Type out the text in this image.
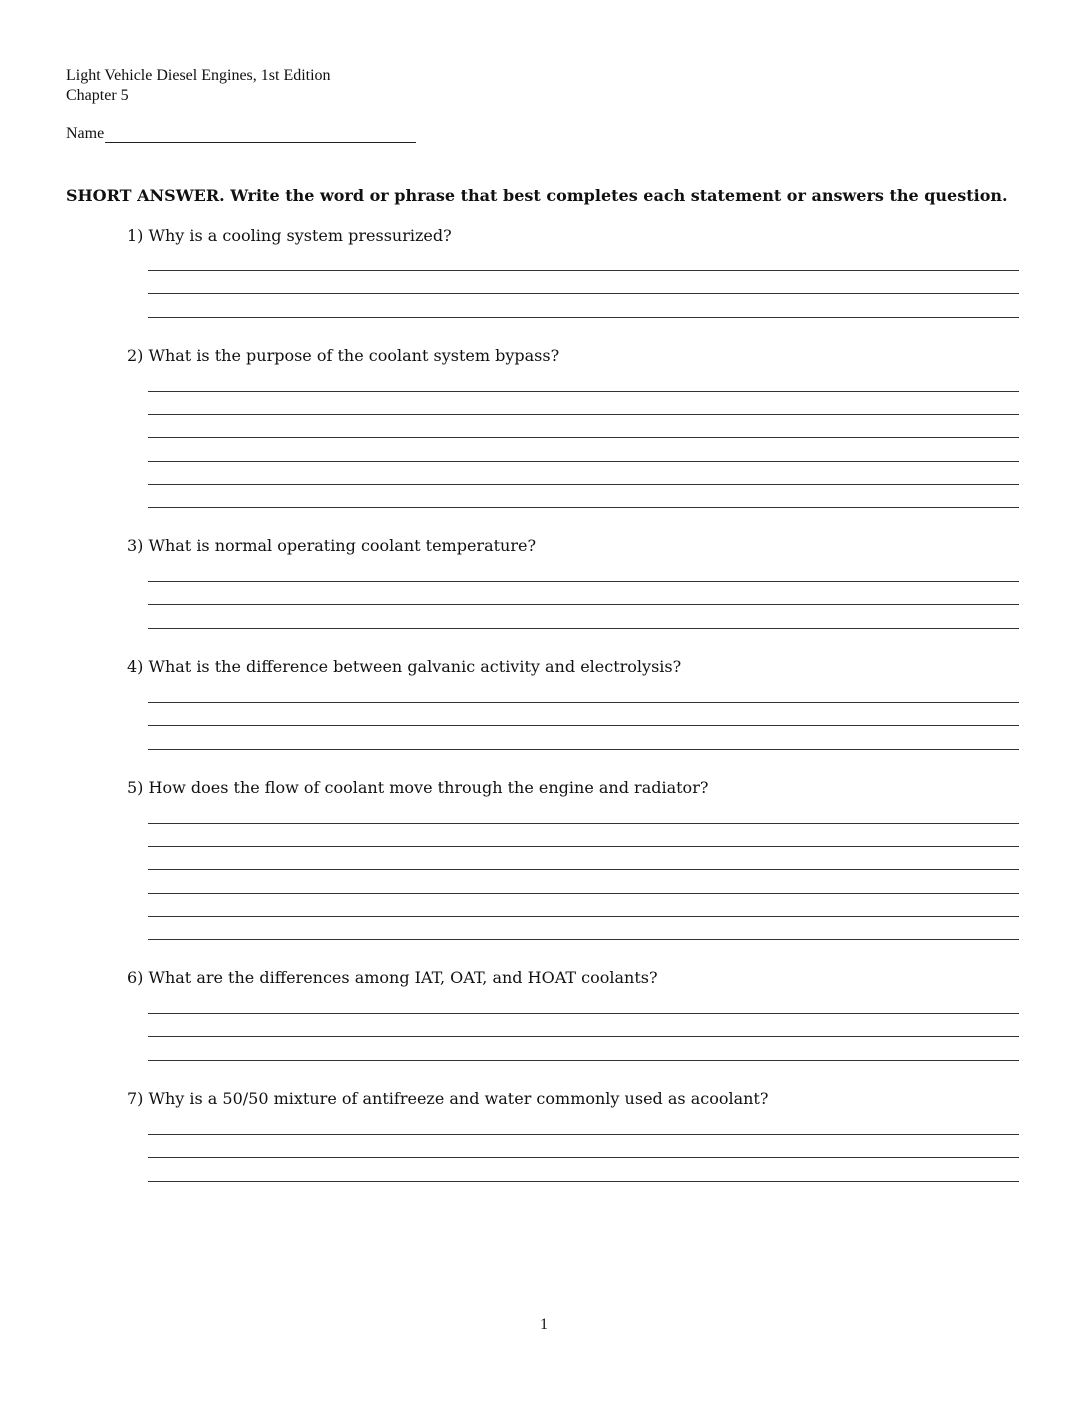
Light Vehicle Diesel Engines, 1st Edition
Chapter 5
Name
SHORT ANSWER. Write the word or phrase that best completes each statement or answers the question.
1) Why is a cooling system pressurized?
2) What is the purpose of the coolant system bypass?
3) What is normal operating coolant temperature?
4) What is the difference between galvanic activity and electrolysis?
5) How does the flow of coolant move through the engine and radiator?
6) What are the differences among IAT, OAT, and HOAT coolants?
7) Why is a 50/50 mixture of antifreeze and water commonly used as acoolant?
1
